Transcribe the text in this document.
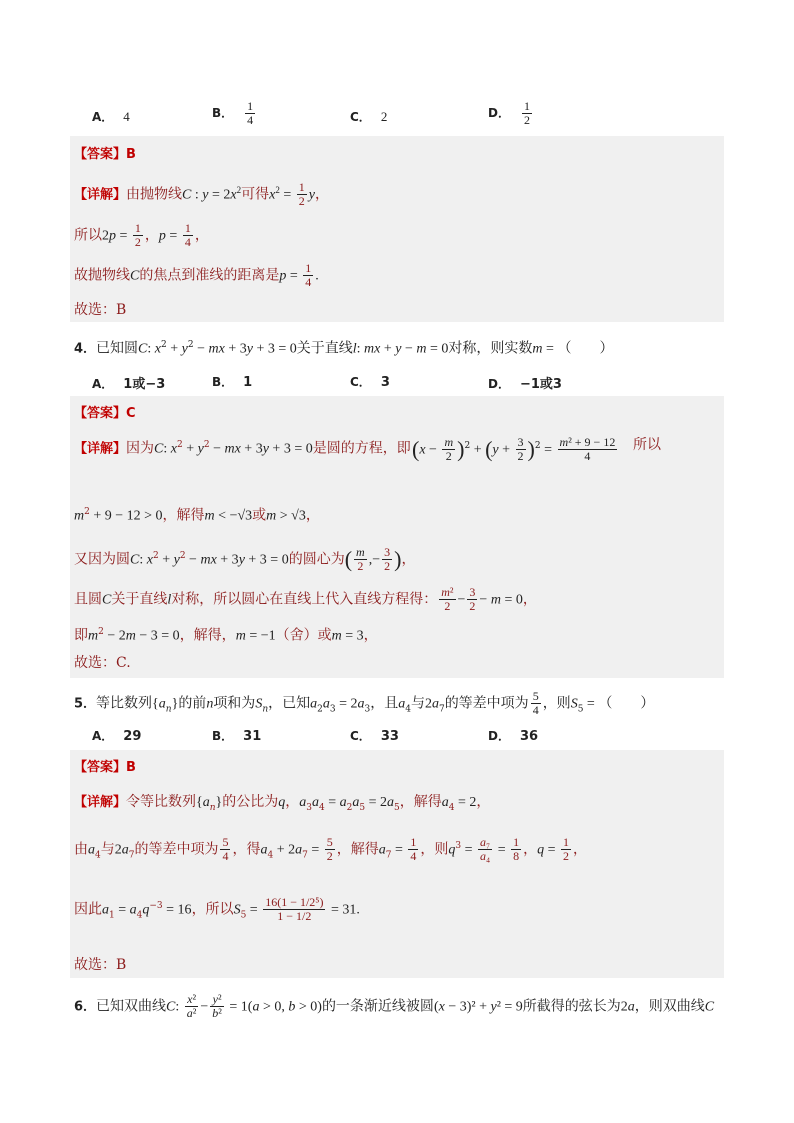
A． 4	B． $\frac{1}{4}$	C． 2	D． $\frac{1}{2}$
【答案】B
【详解】由抛物线C : $y = 2x^2$可得$x^2 = \frac{1}{2}$ y，
所以$2p = \frac{1}{2}$ ，$p = \frac{1}{4}$ ，
故抛物线C的焦点到准线的距离是$p = \frac{1}{4}$ .
故选：B
4．已知圆C: $x^2 + y^2$ − mx + 3y + 3 = 0关于直线l: mx + y − m = 0对称，则实数m = （　　）
A． 1或−3	B． 1	C． 3	D． −1或3
【答案】C
【详解】因为C: $x^2 + y^2$ − mx + 3y + 3 = 0是圆的方程，即 $(x - \frac{m}{2} )^2 + (y + \frac{3}{2} )^2 = \frac{\text{m² + 9 − 12}}{4}$ 所以
$m^2 + 9 - 12 > 0$，解得m < −√3或m > √3，
又因为圆C: $x^2 + y^2$ − mx + 3y + 3 = 0的圆心为( $\frac{m}{2}$ ,− $\frac{3}{2}$ )，
且圆C关于直线l对称，所以圆心在直线上代入直线方程得： $\frac{\text{m²}}{2} - \frac{3}{2} - m = 0$，
即$m^2 - 2m - 3 = 0$，解得，m = −1（舍）或m = 3，
故选：C.
5．等比数列$\{a_n\}$的前n项和为$S_n$，已知$a_2a_3 = 2a_3$，且$a_4$与$2a_7$的等差中项为 $\frac{5}{4}$ ，则$S_5$ = （　　）
A． 29	B． 31	C． 33	D． 36
【答案】B
【详解】令等比数列$\{a_n\}$的公比为q，$a_3a_4 = a_2a_5 = 2a_5$，解得$a_4 = 2$，
由$a_4$与$2a_7$的等差中项为 $\frac{5}{4}$ ，得$a_4 + 2a_7 = \frac{5}{2}$ ，解得$a_7 = \frac{1}{4}$ ，则$q^3 = \frac{\text{a₇}}{\text{a₄}} = \frac{1}{8}$ ，$q = \frac{1}{2}$ ，
因此$a_1 = a_4q^{-3} = 16$，所以$S_5 = \frac{\text{16(1 − 1/2⁵)}}{1 - 1/2} = 31$.
故选：B
6．已知双曲线C: $\frac{\text{x²}}{\text{a²}} - \frac{\text{y²}}{\text{b²}} = 1(a > 0$, b > 0)的一条渐近线被圆(x − 3)² + y² = 9所截得的弦长为2a，则双曲线C
